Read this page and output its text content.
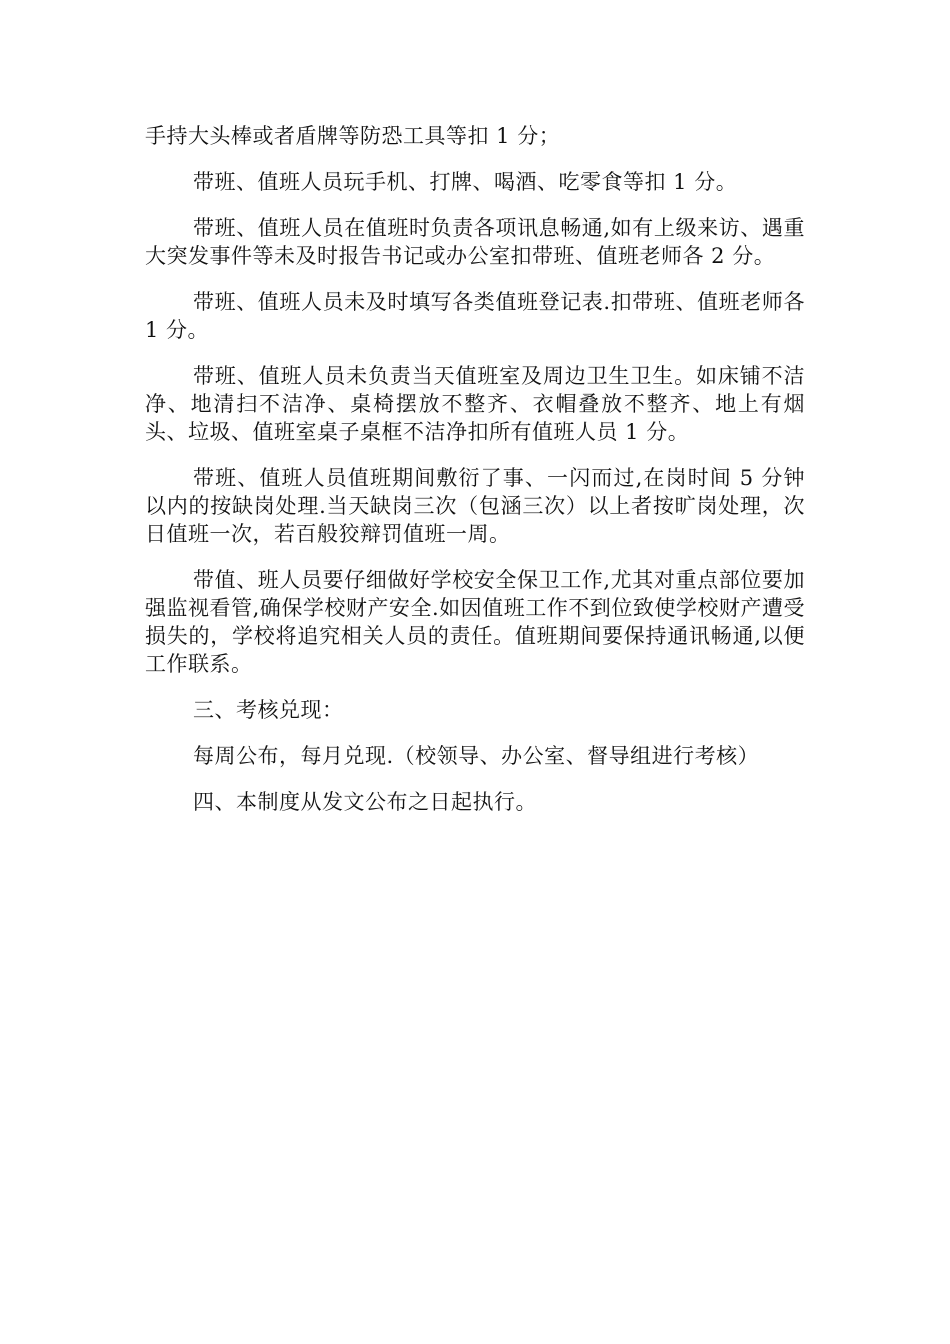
手持大头棒或者盾牌等防恐工具等扣 1 分；

带班、值班人员玩手机、打牌、喝酒、吃零食等扣 1 分。

带班、值班人员在值班时负责各项讯息畅通,如有上级来访、遇重大突发事件等未及时报告书记或办公室扣带班、值班老师各 2 分。

带班、值班人员未及时填写各类值班登记表.扣带班、值班老师各 1 分。

带班、值班人员未负责当天值班室及周边卫生卫生。如床铺不洁净、地清扫不洁净、桌椅摆放不整齐、衣帽叠放不整齐、地上有烟头、垃圾、值班室桌子桌框不洁净扣所有值班人员 1 分。

带班、值班人员值班期间敷衍了事、一闪而过,在岗时间 5 分钟以内的按缺岗处理.当天缺岗三次（包涵三次）以上者按旷岗处理，次日值班一次，若百般狡辩罚值班一周。

带值、班人员要仔细做好学校安全保卫工作,尤其对重点部位要加强监视看管,确保学校财产安全.如因值班工作不到位致使学校财产遭受损失的，学校将追究相关人员的责任。值班期间要保持通讯畅通,以便工作联系。

三、考核兑现：

每周公布，每月兑现.（校领导、办公室、督导组进行考核）

四、本制度从发文公布之日起执行。
